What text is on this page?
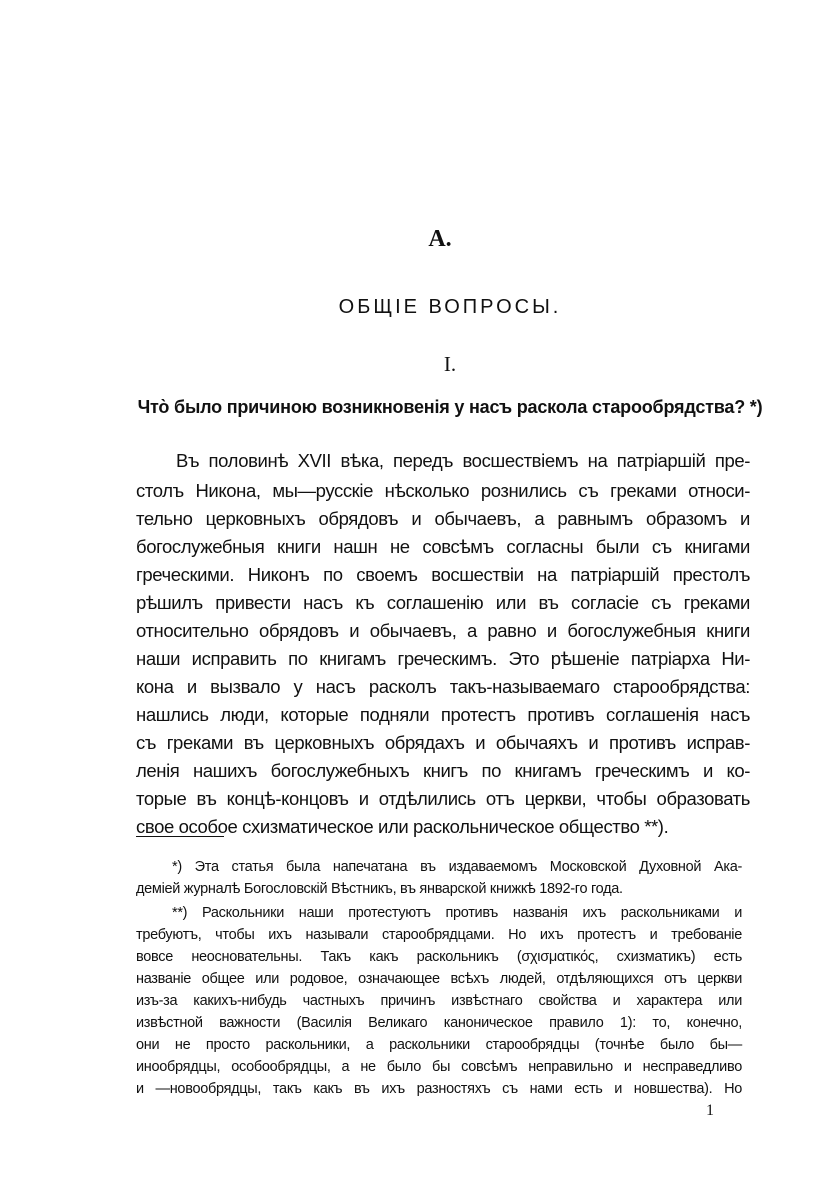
А.
ОБЩІЕ ВОПРОСЫ.
I.
Что̀ было причиною возникновенія у насъ раскола старообрядства? *)
Въ половинѣ XVII вѣка, передъ восшествіемъ на патріаршій пре-
столъ Никона, мы—русскіе нѣсколько рознились съ греками относи-
тельно церковныхъ обрядовъ и обычаевъ, а равнымъ образомъ и
богослужебныя книги нашн не совсѣмъ согласны были съ книгами
греческими. Никонъ по своемъ восшествіи на патріаршій престолъ
рѣшилъ привести насъ къ соглашенію или въ согласіе съ греками
относительно обрядовъ и обычаевъ, а равно и богослужебныя книги
наши исправить по книгамъ греческимъ. Это рѣшеніе патріарха Ни-
кона и вызвало у насъ расколъ такъ-называемаго старообрядства:
нашлись люди, которые подняли протестъ противъ соглашенія насъ
съ греками въ церковныхъ обрядахъ и обычаяхъ и противъ исправ-
ленія нашихъ богослужебныхъ книгъ по книгамъ греческимъ и ко-
торые въ концѣ-концовъ и отдѣлились отъ церкви, чтобы образовать
свое особое схизматическое или раскольническое общество **).
*) Эта статья была напечатана въ издаваемомъ Московской Духовной Ака-
деміей журналѣ Богословскій Вѣстникъ, въ январской книжкѣ 1892-го года.
**) Раскольники наши протестуютъ противъ названія ихъ раскольниками и
требуютъ, чтобы ихъ называли старообрядцами. Но ихъ протестъ и требованіе
вовсе неосновательны. Такъ какъ раскольникъ (σχισματικός, схизматикъ) есть
названіе общее или родовое, означающее всѣхъ людей, отдѣляющихся отъ церкви
изъ-за какихъ-нибудь частныхъ причинъ извѣстнаго свойства и характера или
извѣстной важности (Василія Великаго каноническое правило 1): то, конечно,
они не просто раскольники, а раскольники старообрядцы (точнѣе было бы—
инообрядцы, особообрядцы, а не было бы совсѣмъ неправильно и несправедливо
и —новообрядцы, такъ какъ въ ихъ разностяхъ съ нами есть и новшества). Но
1
